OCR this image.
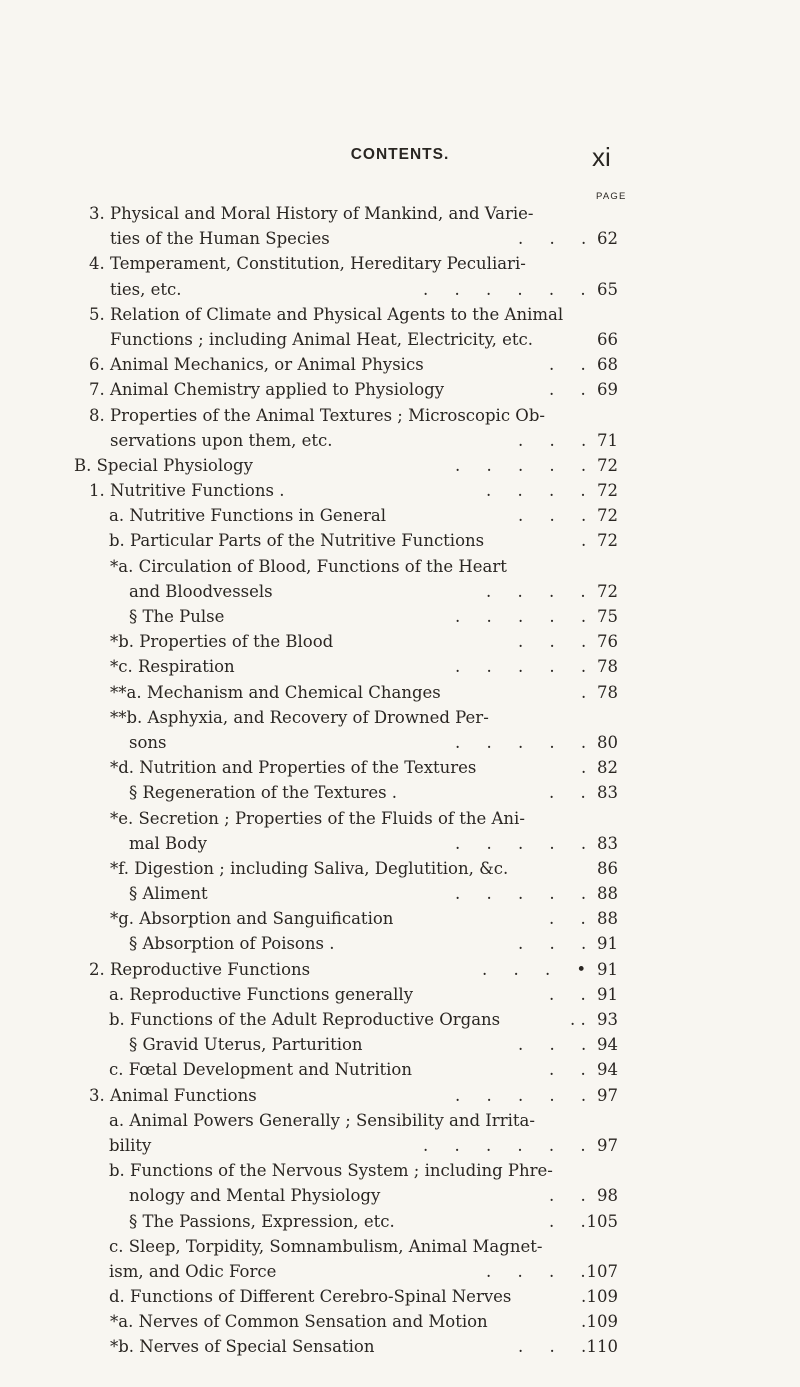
CONTENTS.	xi
PAGE
3. Physical and Moral History of Mankind, and Varie-
ties of the Human Species	62
.     .     .
4. Temperament, Constitution, Hereditary Peculiari-
ties, etc.	65
.     .     .     .     .     .
5. Relation of Climate and Physical Agents to the Animal
Functions ; including Animal Heat, Electricity, etc.	66
6. Animal Mechanics, or Animal Physics	68
.     .
7. Animal Chemistry applied to Physiology	69
.     .
8. Properties of the Animal Textures ; Microscopic Ob-
servations upon them, etc.	71
.     .     .
B. Special Physiology	72
.     .     .     .     .
1. Nutritive Functions .	72
.     .     .     .
a. Nutritive Functions in General	72
.     .     .
b. Particular Parts of the Nutritive Functions	72
.
*a. Circulation of Blood, Functions of the Heart
and Bloodvessels	72
.     .     .     .
§ The Pulse	75
.     .     .     .     .
*b. Properties of the Blood	76
.     .     .
*c. Respiration	78
.     .     .     .     .
**a. Mechanism and Chemical Changes	78
.
**b. Asphyxia, and Recovery of Drowned Per-
sons	80
.     .     .     .     .
*d. Nutrition and Properties of the Textures	82
.
§ Regeneration of the Textures .	83
.     .
*e. Secretion ; Properties of the Fluids of the Ani-
mal Body	83
.     .     .     .     .
*f. Digestion ; including Saliva, Deglutition, &c.	86
§ Aliment	88
.     .     .     .     .
*g. Absorption and Sanguification	88
.     .
§ Absorption of Poisons .	91
.     .     .
2. Reproductive Functions	91
.     .     .     •
a. Reproductive Functions generally	91
.     .
b. Functions of the Adult Reproductive Organs	93
. .
§ Gravid Uterus, Parturition	94
.     .     .
c. Fœtal Development and Nutrition	94
.     .
3. Animal Functions	97
.     .     .     .     .
a. Animal Powers Generally ; Sensibility and Irrita-
bility	97
.     .     .     .     .     .
b. Functions of the Nervous System ; including Phre-
nology and Mental Physiology	98
.     .
§ The Passions, Expression, etc.	105
.     .
c. Sleep, Torpidity, Somnambulism, Animal Magnet-
ism, and Odic Force	107
.     .     .     .
d. Functions of Different Cerebro-Spinal Nerves	109
.
*a. Nerves of Common Sensation and Motion	109
.
*b. Nerves of Special Sensation	110
.     .     .
